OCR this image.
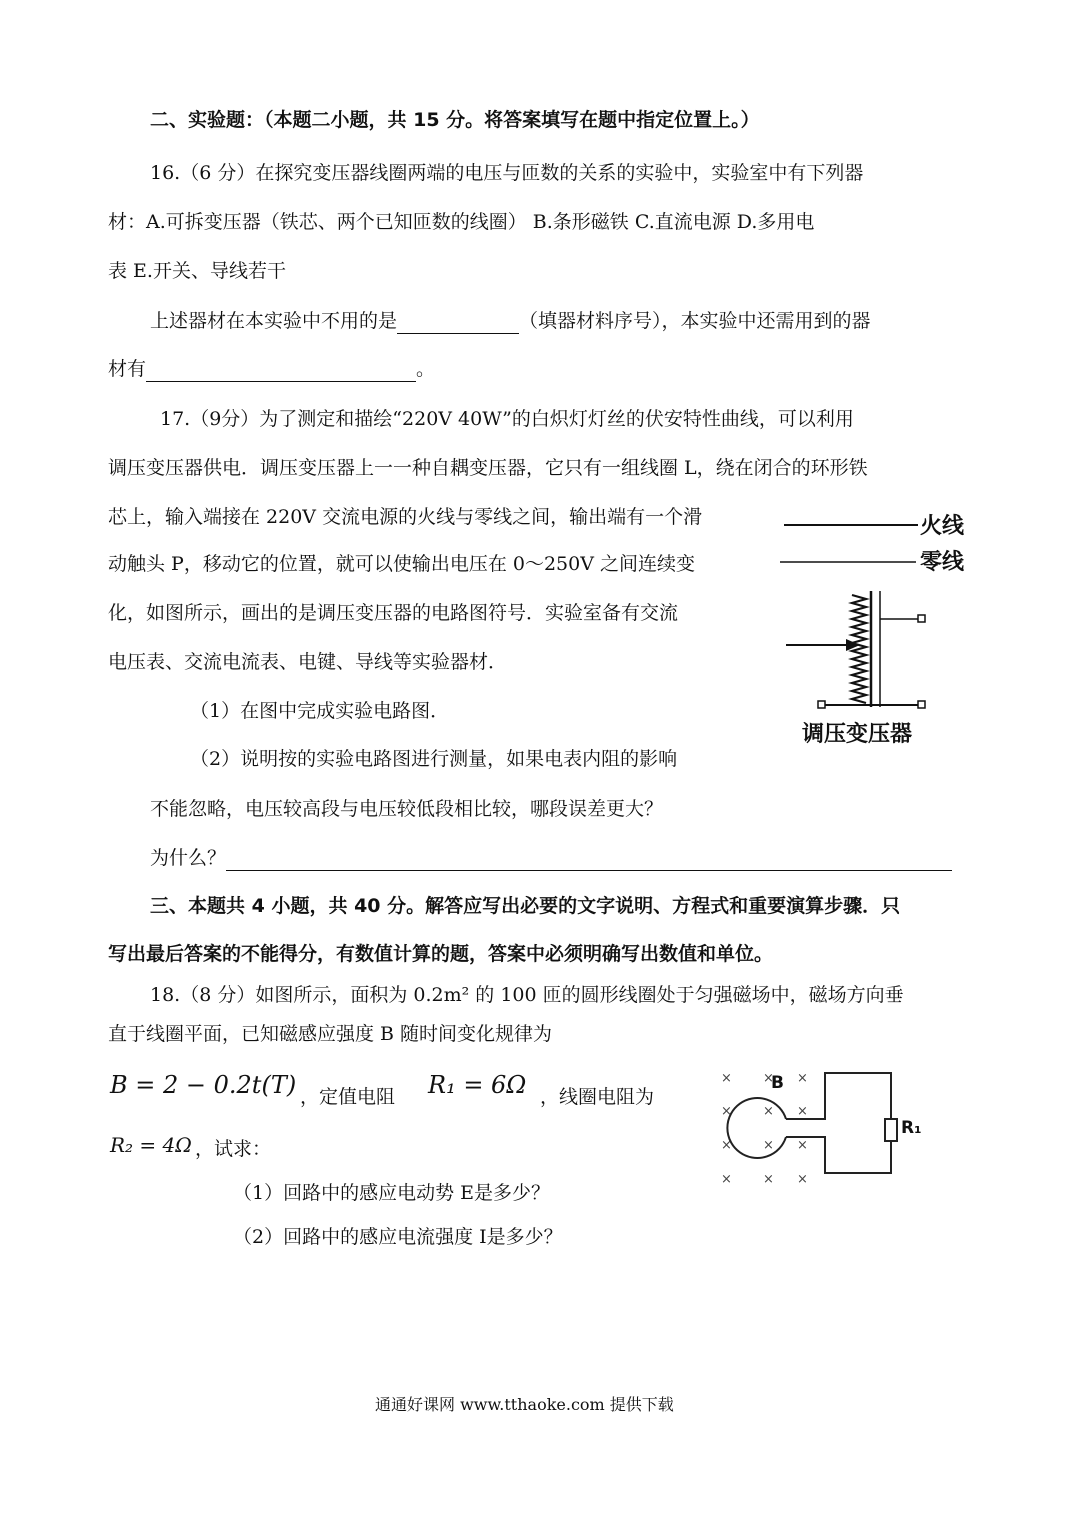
二、实验题：（本题二小题，共 15 分。将答案填写在题中指定位置上。）
16.（6 分）在探究变压器线圈两端的电压与匝数的关系的实验中，实验室中有下列器
材：A.可拆变压器（铁芯、两个已知匝数的线圈） B.条形磁铁 C.直流电源 D.多用电
表 E.开关、导线若干
上述器材在本实验中不用的是	（填器材料序号），本实验中还需用到的器
材有	。
17.（9分）为了测定和描绘“220V 40W”的白炽灯灯丝的伏安特性曲线，可以利用
调压变压器供电．调压变压器上一一种自耦变压器，它只有一组线圈 L，绕在闭合的环形铁
芯上，输入端接在 220V 交流电源的火线与零线之间，输出端有一个滑
动触头 P，移动它的位置，就可以使输出电压在 0～250V 之间连续变
化，如图所示，画出的是调压变压器的电路图符号．实验室备有交流
电压表、交流电流表、电键、导线等实验器材．
（1）在图中完成实验电路图．
（2）说明按的实验电路图进行测量，如果电表内阻的影响
不能忽略，电压较高段与电压较低段相比较，哪段误差更大？
为什么？
火线
零线
调压变压器
三、本题共 4 小题，共 40 分。解答应写出必要的文字说明、方程式和重要演算步骤．只
写出最后答案的不能得分，有数值计算的题，答案中必须明确写出数值和单位。
18.（8 分）如图所示，面积为 0.2m² 的 100 匝的圆形线圈处于匀强磁场中，磁场方向垂
直于线圈平面，已知磁感应强度 B 随时间变化规律为
B = 2 − 0.2t(T) ，定值电阻 R₁ = 6Ω ，线圈电阻为
R₂ = 4Ω ，试求：
（1）回路中的感应电动势 E是多少？
（2）回路中的感应电流强度 I是多少？
× × ×
× × ×
× × ×
× × ×
B
R₁
通通好课网 www.tthaoke.com 提供下载
